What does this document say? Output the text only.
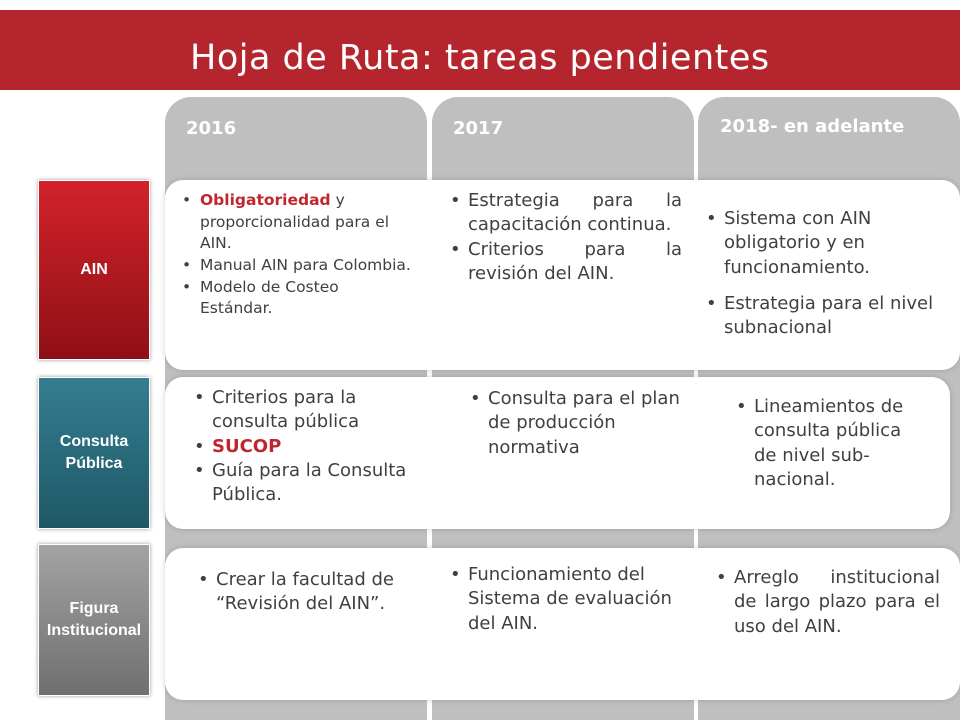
Hoja de Ruta: tareas pendientes
2016	2017	2018- en adelante
AIN
Consulta Pública
Figura Institucional
• Obligatoriedad y proporcionalidad para el AIN.
• Manual AIN para Colombia.
• Modelo de Costeo Estándar.
• Estrategia para la capacitación continua.
• Criterios para la revisión del AIN.
• Sistema con AIN obligatorio y en funcionamiento.
• Estrategia para el nivel subnacional
• Criterios para la consulta pública
• SUCOP
• Guía para la Consulta Pública.
• Consulta para el plan de producción normativa
• Lineamientos de consulta pública de nivel sub-nacional.
• Crear la facultad de “Revisión del AIN”.
• Funcionamiento del Sistema de evaluación del AIN.
• Arreglo institucional de largo plazo para el uso del AIN.
